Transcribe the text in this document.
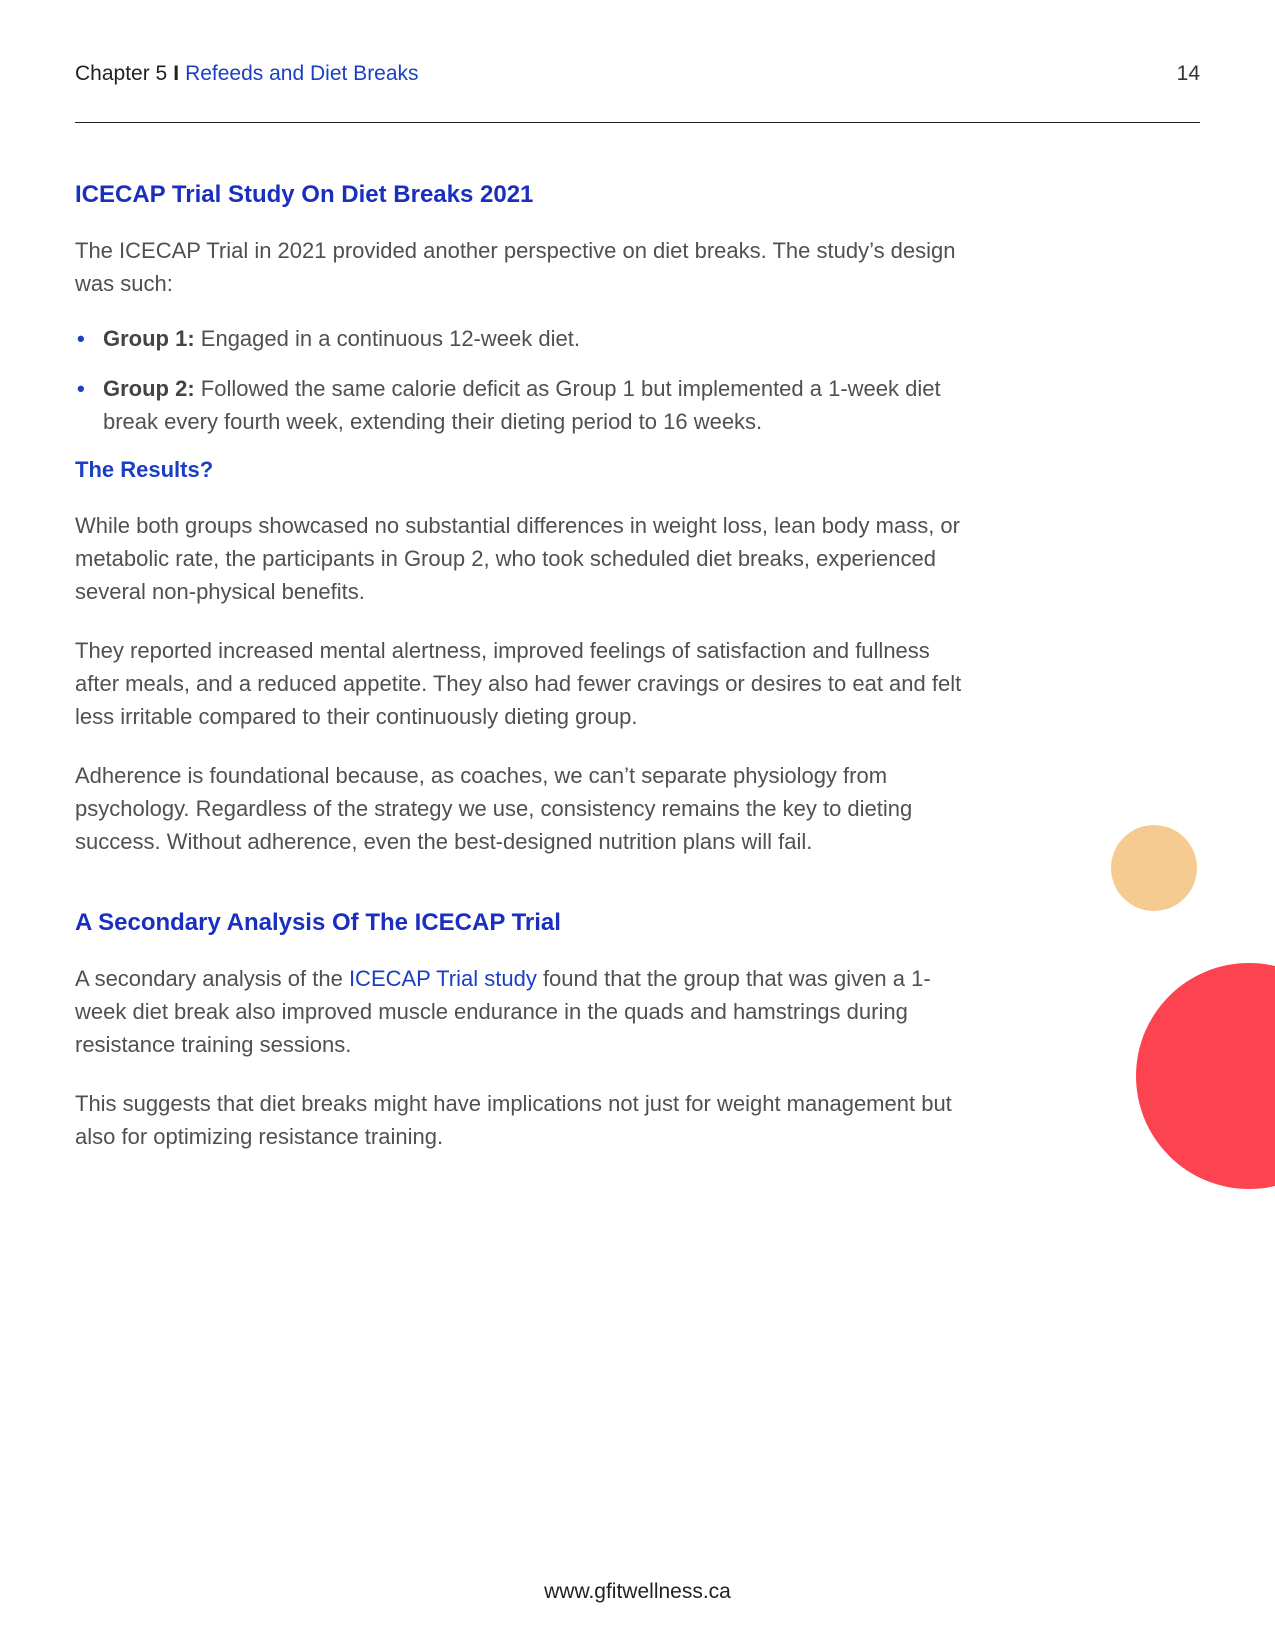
Chapter 5 I Refeeds and Diet Breaks	14
ICECAP Trial Study On Diet Breaks 2021

The ICECAP Trial in 2021 provided another perspective on diet breaks. The study’s design was such:

• Group 1: Engaged in a continuous 12-week diet.
• Group 2: Followed the same calorie deficit as Group 1 but implemented a 1-week diet break every fourth week, extending their dieting period to 16 weeks.
The Results?

While both groups showcased no substantial differences in weight loss, lean body mass, or metabolic rate, the participants in Group 2, who took scheduled diet breaks, experienced several non-physical benefits.

They reported increased mental alertness, improved feelings of satisfaction and fullness after meals, and a reduced appetite. They also had fewer cravings or desires to eat and felt less irritable compared to their continuously dieting group.

Adherence is foundational because, as coaches, we can’t separate physiology from psychology. Regardless of the strategy we use, consistency remains the key to dieting success. Without adherence, even the best-designed nutrition plans will fail.

A Secondary Analysis Of The ICECAP Trial

A secondary analysis of the ICECAP Trial study found that the group that was given a 1-week diet break also improved muscle endurance in the quads and hamstrings during resistance training sessions.

This suggests that diet breaks might have implications not just for weight management but also for optimizing resistance training.

www.gfitwellness.ca
